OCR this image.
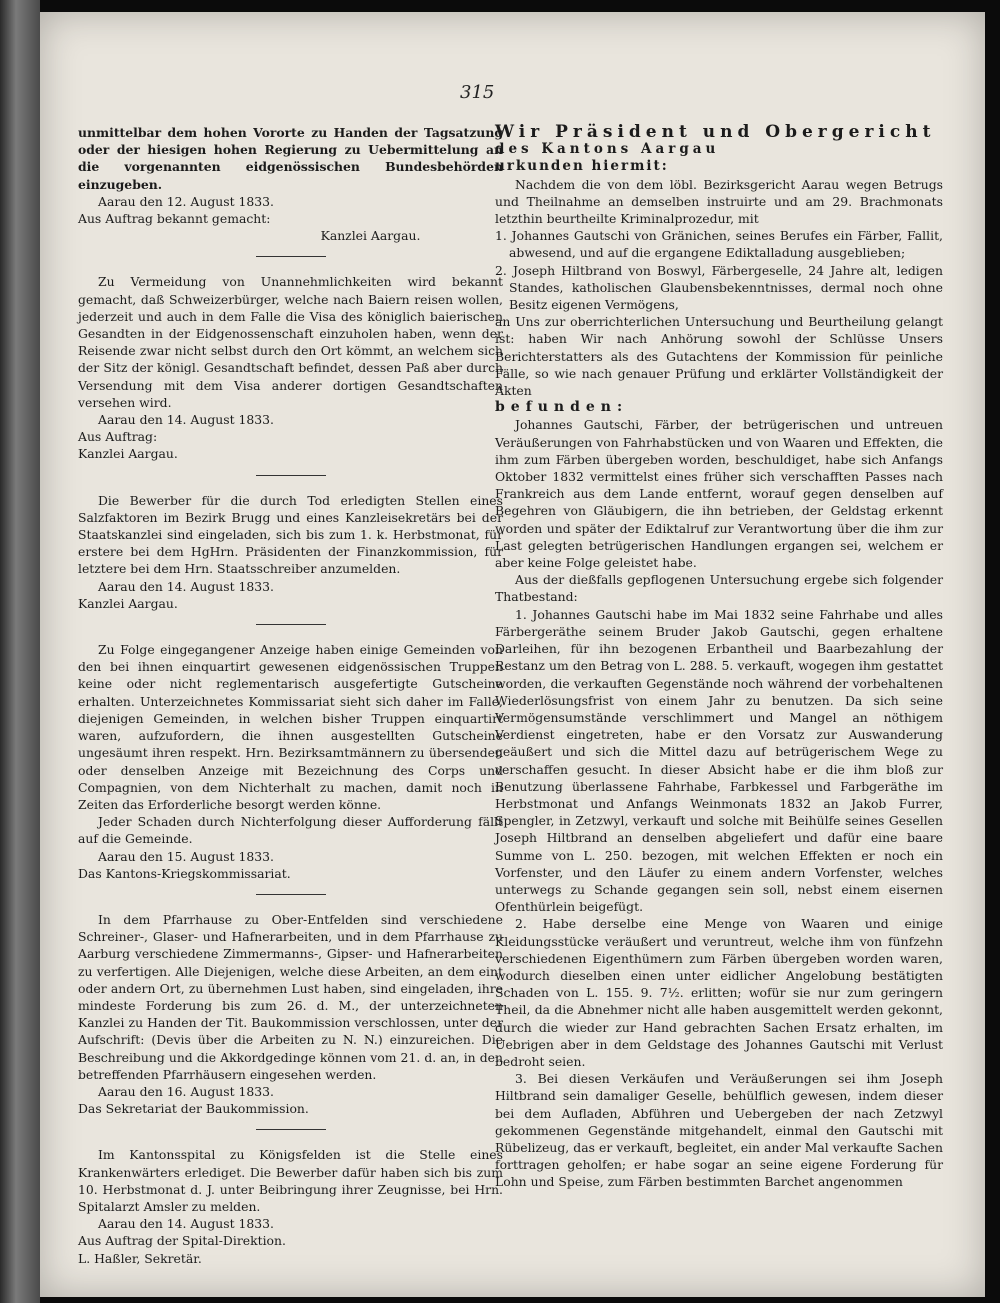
315

unmittelbar dem hohen Vororte zu Handen der Tagsatzung oder der hiesigen hohen Regierung zu Uebermittelung an die vorgenannten eidgenössischen Bundesbehörden einzugeben.

Aarau den 12. August 1833.

Aus Auftrag bekannt gemacht:

Kanzlei Aargau.

Zu Vermeidung von Unannehmlichkeiten wird bekannt gemacht, daß Schweizerbürger, welche nach Baiern reisen wollen, jederzeit und auch in dem Falle die Visa des königlich baierischen Gesandten in der Eidgenossenschaft einzuholen haben, wenn der Reisende zwar nicht selbst durch den Ort kömmt, an welchem sich der Sitz der königl. Gesandtschaft befindet, dessen Paß aber durch Versendung mit dem Visa anderer dortigen Gesandtschaften versehen wird.

Aarau den 14. August 1833.

Aus Auftrag:

Kanzlei Aargau.

Die Bewerber für die durch Tod erledigten Stellen eines Salzfaktoren im Bezirk Brugg und eines Kanzleisekretärs bei der Staatskanzlei sind eingeladen, sich bis zum 1. k. Herbstmonat, für erstere bei dem HgHrn. Präsidenten der Finanzkommission, für letztere bei dem Hrn. Staatsschreiber anzumelden.

Aarau den 14. August 1833.

Kanzlei Aargau.

Zu Folge eingegangener Anzeige haben einige Gemeinden von den bei ihnen einquartirt gewesenen eidgenössischen Truppen keine oder nicht reglementarisch ausgefertigte Gutscheine erhalten. Unterzeichnetes Kommissariat sieht sich daher im Falle, diejenigen Gemeinden, in welchen bisher Truppen einquartirt waren, aufzufordern, die ihnen ausgestellten Gutscheine ungesäumt ihren respekt. Hrn. Bezirksamtmännern zu übersenden oder denselben Anzeige mit Bezeichnung des Corps und Compagnien, von dem Nichterhalt zu machen, damit noch in Zeiten das Erforderliche besorgt werden könne.

Jeder Schaden durch Nichterfolgung dieser Aufforderung fällt auf die Gemeinde.

Aarau den 15. August 1833.

Das Kantons-Kriegskommissariat.

In dem Pfarrhause zu Ober-Entfelden sind verschiedene Schreiner-, Glaser- und Hafnerarbeiten, und in dem Pfarrhause zu Aarburg verschiedene Zimmermanns-, Gipser- und Hafnerarbeiten zu verfertigen. Alle Diejenigen, welche diese Arbeiten, an dem eint oder andern Ort, zu übernehmen Lust haben, sind eingeladen, ihre mindeste Forderung bis zum 26. d. M., der unterzeichneten Kanzlei zu Handen der Tit. Baukommission verschlossen, unter der Aufschrift: (Devis über die Arbeiten zu N. N.) einzureichen. Die Beschreibung und die Akkordgedinge können vom 21. d. an, in den betreffenden Pfarrhäusern eingesehen werden.

Aarau den 16. August 1833.

Das Sekretariat der Baukommission.

Im Kantonsspital zu Königsfelden ist die Stelle eines Krankenwärters erlediget. Die Bewerber dafür haben sich bis zum 10. Herbstmonat d. J. unter Beibringung ihrer Zeugnisse, bei Hrn. Spitalarzt Amsler zu melden.

Aarau den 14. August 1833.

Aus Auftrag der Spital-Direktion.

L. Haßler, Sekretär.

Wir Präsident und Obergericht

des Kantons Aargau

urkunden hiermit:

Nachdem die von dem löbl. Bezirksgericht Aarau wegen Betrugs und Theilnahme an demselben instruirte und am 29. Brachmonats letzthin beurtheilte Kriminalprozedur, mit

1. Johannes Gautschi von Gränichen, seines Berufes ein Färber, Fallit, abwesend, und auf die ergangene Ediktalladung ausgeblieben;

2. Joseph Hiltbrand von Boswyl, Färbergeselle, 24 Jahre alt, ledigen Standes, katholischen Glaubensbekenntnisses, dermal noch ohne Besitz eigenen Vermögens,

an Uns zur oberrichterlichen Untersuchung und Beurtheilung gelangt ist: haben Wir nach Anhörung sowohl der Schlüsse Unsers Berichterstatters als des Gutachtens der Kommission für peinliche Fälle, so wie nach genauer Prüfung und erklärter Vollständigkeit der Akten

befunden:

Johannes Gautschi, Färber, der betrügerischen und untreuen Veräußerungen von Fahrhabstücken und von Waaren und Effekten, die ihm zum Färben übergeben worden, beschuldiget, habe sich Anfangs Oktober 1832 vermittelst eines früher sich verschafften Passes nach Frankreich aus dem Lande entfernt, worauf gegen denselben auf Begehren von Gläubigern, die ihn betrieben, der Geldstag erkennt worden und später der Ediktalruf zur Verantwortung über die ihm zur Last gelegten betrügerischen Handlungen ergangen sei, welchem er aber keine Folge geleistet habe.

Aus der dießfalls gepflogenen Untersuchung ergebe sich folgender Thatbestand:

1. Johannes Gautschi habe im Mai 1832 seine Fahrhabe und alles Färbergeräthe seinem Bruder Jakob Gautschi, gegen erhaltene Darleihen, für ihn bezogenen Erbantheil und Baarbezahlung der Restanz um den Betrag von L. 288. 5. verkauft, wogegen ihm gestattet worden, die verkauften Gegenstände noch während der vorbehaltenen Wiederlösungsfrist von einem Jahr zu benutzen. Da sich seine Vermögensumstände verschlimmert und Mangel an nöthigem Verdienst eingetreten, habe er den Vorsatz zur Auswanderung geäußert und sich die Mittel dazu auf betrügerischem Wege zu verschaffen gesucht. In dieser Absicht habe er die ihm bloß zur Benutzung überlassene Fahrhabe, Farbkessel und Farbgeräthe im Herbstmonat und Anfangs Weinmonats 1832 an Jakob Furrer, Spengler, in Zetzwyl, verkauft und solche mit Beihülfe seines Gesellen Joseph Hiltbrand an denselben abgeliefert und dafür eine baare Summe von L. 250. bezogen, mit welchen Effekten er noch ein Vorfenster, und den Läufer zu einem andern Vorfenster, welches unterwegs zu Schande gegangen sein soll, nebst einem eisernen Ofenthürlein beigefügt.

2. Habe derselbe eine Menge von Waaren und einige Kleidungsstücke veräußert und veruntreut, welche ihm von fünfzehn verschiedenen Eigenthümern zum Färben übergeben worden waren, wodurch dieselben einen unter eidlicher Angelobung bestätigten Schaden von L. 155. 9. 7½. erlitten; wofür sie nur zum geringern Theil, da die Abnehmer nicht alle haben ausgemittelt werden gekonnt, durch die wieder zur Hand gebrachten Sachen Ersatz erhalten, im Uebrigen aber in dem Geldstage des Johannes Gautschi mit Verlust bedroht seien.

3. Bei diesen Verkäufen und Veräußerungen sei ihm Joseph Hiltbrand sein damaliger Geselle, behülflich gewesen, indem dieser bei dem Aufladen, Abführen und Uebergeben der nach Zetzwyl gekommenen Gegenstände mitgehandelt, einmal den Gautschi mit Rübelizeug, das er verkauft, begleitet, ein ander Mal verkaufte Sachen forttragen geholfen; er habe sogar an seine eigene Forderung für Lohn und Speise, zum Färben bestimmten Barchet angenommen
